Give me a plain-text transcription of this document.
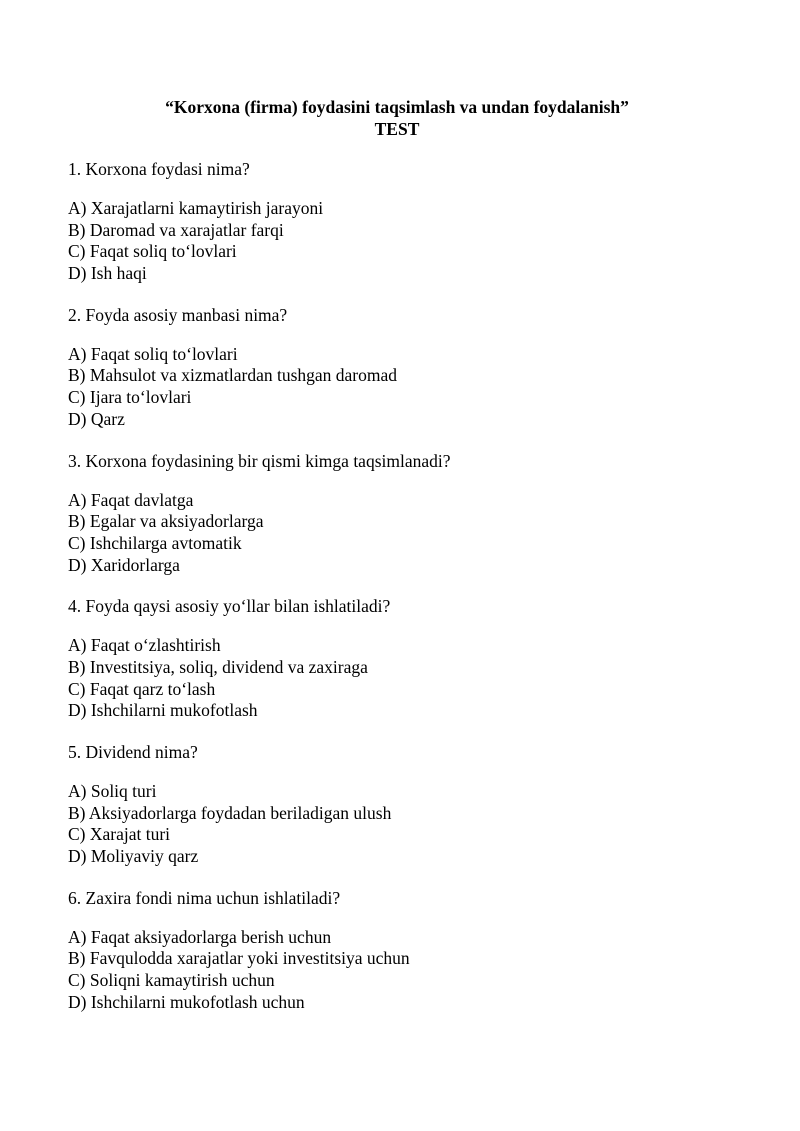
“Korxona (firma) foydasini taqsimlash va undan foydalanish”
TEST
1. Korxona foydasi nima?
A) Xarajatlarni kamaytirish jarayoni
B) Daromad va xarajatlar farqi
C) Faqat soliq to‘lovlari
D) Ish haqi
2. Foyda asosiy manbasi nima?
A) Faqat soliq to‘lovlari
B) Mahsulot va xizmatlardan tushgan daromad
C) Ijara to‘lovlari
D) Qarz
3. Korxona foydasining bir qismi kimga taqsimlanadi?
A) Faqat davlatga
B) Egalar va aksiyadorlarga
C) Ishchilarga avtomatik
D) Xaridorlarga
4. Foyda qaysi asosiy yo‘llar bilan ishlatiladi?
A) Faqat o‘zlashtirish
B) Investitsiya, soliq, dividend va zaxiraga
C) Faqat qarz to‘lash
D) Ishchilarni mukofotlash
5. Dividend nima?
A) Soliq turi
B) Aksiyadorlarga foydadan beriladigan ulush
C) Xarajat turi
D) Moliyaviy qarz
6. Zaxira fondi nima uchun ishlatiladi?
A) Faqat aksiyadorlarga berish uchun
B) Favqulodda xarajatlar yoki investitsiya uchun
C) Soliqni kamaytirish uchun
D) Ishchilarni mukofotlash uchun
